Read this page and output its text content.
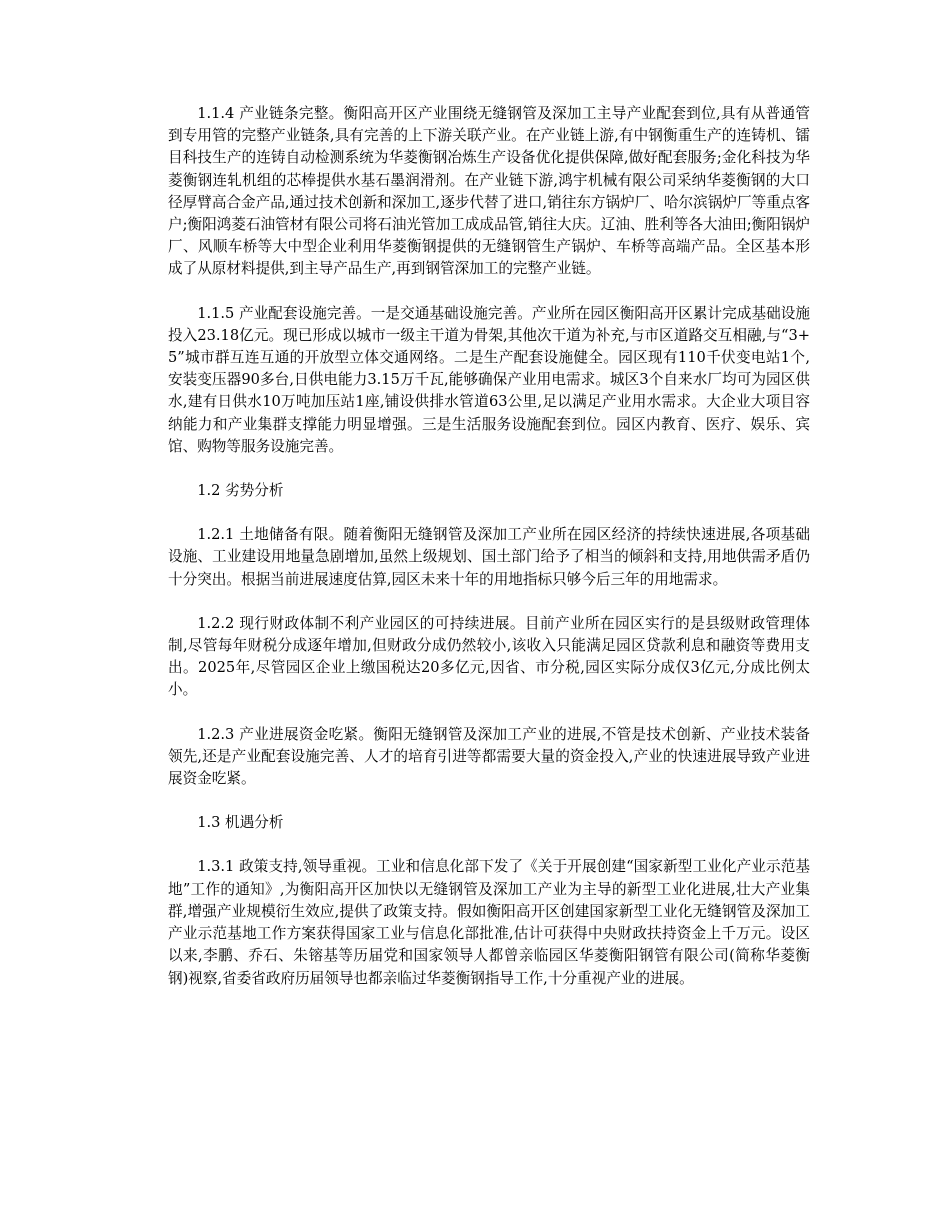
1.1.4 产业链条完整。衡阳高开区产业围绕无缝钢管及深加工主导产业配套到位,具有从普通管到专用管的完整产业链条,具有完善的上下游关联产业。在产业链上游,有中钢衡重生产的连铸机、镭目科技生产的连铸自动检测系统为华菱衡钢冶炼生产设备优化提供保障,做好配套服务;金化科技为华菱衡钢连轧机组的芯棒提供水基石墨润滑剂。在产业链下游,鸿宇机械有限公司采纳华菱衡钢的大口径厚臂高合金产品,通过技术创新和深加工,逐步代替了进口,销往东方锅炉厂、哈尔滨锅炉厂等重点客户;衡阳鸿菱石油管材有限公司将石油光管加工成成品管,销往大庆。辽油、胜利等各大油田;衡阳锅炉厂、风顺车桥等大中型企业利用华菱衡钢提供的无缝钢管生产锅炉、车桥等高端产品。全区基本形成了从原材料提供,到主导产品生产,再到钢管深加工的完整产业链。

1.1.5 产业配套设施完善。一是交通基础设施完善。产业所在园区衡阳高开区累计完成基础设施投入23.18亿元。现已形成以城市一级主干道为骨架,其他次干道为补充,与市区道路交互相融,与“3+5”城市群互连互通的开放型立体交通网络。二是生产配套设施健全。园区现有110千伏变电站1个,安装变压器90多台,日供电能力3.15万千瓦,能够确保产业用电需求。城区3个自来水厂均可为园区供水,建有日供水10万吨加压站1座,铺设供排水管道63公里,足以满足产业用水需求。大企业大项目容纳能力和产业集群支撑能力明显增强。三是生活服务设施配套到位。园区内教育、医疗、娱乐、宾馆、购物等服务设施完善。

1.2 劣势分析

1.2.1 土地储备有限。随着衡阳无缝钢管及深加工产业所在园区经济的持续快速进展,各项基础设施、工业建设用地量急剧增加,虽然上级规划、国土部门给予了相当的倾斜和支持,用地供需矛盾仍十分突出。根据当前进展速度估算,园区未来十年的用地指标只够今后三年的用地需求。

1.2.2 现行财政体制不利产业园区的可持续进展。目前产业所在园区实行的是县级财政管理体制,尽管每年财税分成逐年增加,但财政分成仍然较小,该收入只能满足园区贷款利息和融资等费用支出。2025年,尽管园区企业上缴国税达20多亿元,因省、市分税,园区实际分成仅3亿元,分成比例太小。

1.2.3 产业进展资金吃紧。衡阳无缝钢管及深加工产业的进展,不管是技术创新、产业技术装备领先,还是产业配套设施完善、人才的培育引进等都需要大量的资金投入,产业的快速进展导致产业进展资金吃紧。

1.3 机遇分析

1.3.1 政策支持,领导重视。工业和信息化部下发了《关于开展创建“国家新型工业化产业示范基地”工作的通知》,为衡阳高开区加快以无缝钢管及深加工产业为主导的新型工业化进展,壮大产业集群,增强产业规模衍生效应,提供了政策支持。假如衡阳高开区创建国家新型工业化无缝钢管及深加工产业示范基地工作方案获得国家工业与信息化部批准,估计可获得中央财政扶持资金上千万元。设区以来,李鹏、乔石、朱镕基等历届党和国家领导人都曾亲临园区华菱衡阳钢管有限公司(简称华菱衡钢)视察,省委省政府历届领导也都亲临过华菱衡钢指导工作,十分重视产业的进展。
